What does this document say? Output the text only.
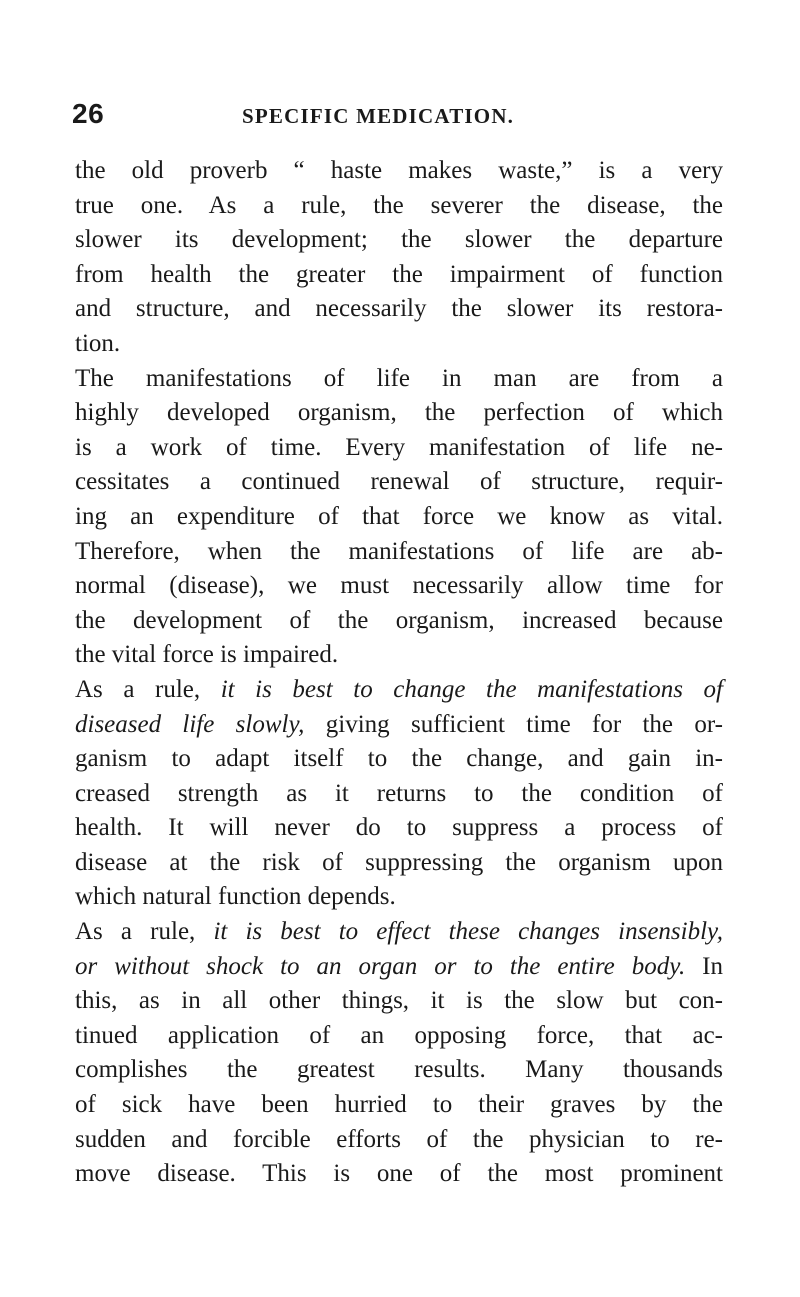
26	SPECIFIC MEDICATION.
the old proverb “ haste makes waste,” is a very
true one. As a rule, the severer the disease, the
slower its development; the slower the departure
from health the greater the impairment of function
and structure, and necessarily the slower its restora-
tion.
The manifestations of life in man are from a
highly developed organism, the perfection of which
is a work of time. Every manifestation of life ne-
cessitates a continued renewal of structure, requir-
ing an expenditure of that force we know as vital.
Therefore, when the manifestations of life are ab-
normal (disease), we must necessarily allow time for
the development of the organism, increased because
the vital force is impaired.
As a rule, it is best to change the manifestations of
diseased life slowly, giving sufficient time for the or-
ganism to adapt itself to the change, and gain in-
creased strength as it returns to the condition of
health. It will never do to suppress a process of
disease at the risk of suppressing the organism upon
which natural function depends.
As a rule, it is best to effect these changes insensibly,
or without shock to an organ or to the entire body. In
this, as in all other things, it is the slow but con-
tinued application of an opposing force, that ac-
complishes the greatest results. Many thousands
of sick have been hurried to their graves by the
sudden and forcible efforts of the physician to re-
move disease. This is one of the most prominent
